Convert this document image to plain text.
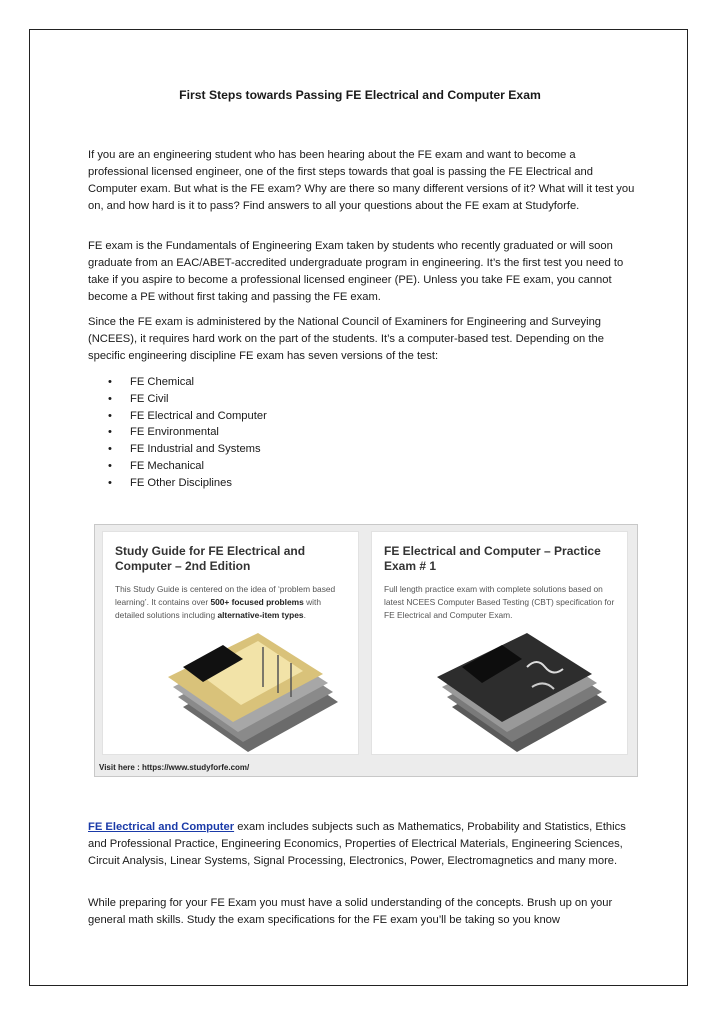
First Steps towards Passing FE Electrical and Computer Exam

If you are an engineering student who has been hearing about the FE exam and want to become a professional licensed engineer, one of the first steps towards that goal is passing the FE Electrical and Computer exam. But what is the FE exam? Why are there so many different versions of it? What will it test you on, and how hard is it to pass? Find answers to all your questions about the FE exam at Studyforfe.

FE exam is the Fundamentals of Engineering Exam taken by students who recently graduated or will soon graduate from an EAC/ABET-accredited undergraduate program in engineering. It’s the first test you need to take if you aspire to become a professional licensed engineer (PE). Unless you take FE exam, you cannot become a PE without first taking and passing the FE exam.

Since the FE exam is administered by the National Council of Examiners for Engineering and Surveying (NCEES), it requires hard work on the part of the students. It’s a computer-based test. Depending on the specific engineering discipline FE exam has seven versions of the test:

• FE Chemical
• FE Civil
• FE Electrical and Computer
• FE Environmental
• FE Industrial and Systems
• FE Mechanical
• FE Other Disciplines
Study Guide for FE Electrical and Computer – 2nd Edition

This Study Guide is centered on the idea of ‘problem based learning’. It contains over 500+ focused problems with detailed solutions including alternative-item types.

FE Electrical and Computer – Practice Exam # 1

Full length practice exam with complete solutions based on latest NCEES Computer Based Testing (CBT) specification for FE Electrical and Computer Exam.

Visit here : https://www.studyforfe.com/

FE Electrical and Computer exam includes subjects such as Mathematics, Probability and Statistics, Ethics and Professional Practice, Engineering Economics, Properties of Electrical Materials, Engineering Sciences, Circuit Analysis, Linear Systems, Signal Processing, Electronics, Power, Electromagnetics and many more.

While preparing for your FE Exam you must have a solid understanding of the concepts. Brush up on your general math skills. Study the exam specifications for the FE exam you’ll be taking so you know
